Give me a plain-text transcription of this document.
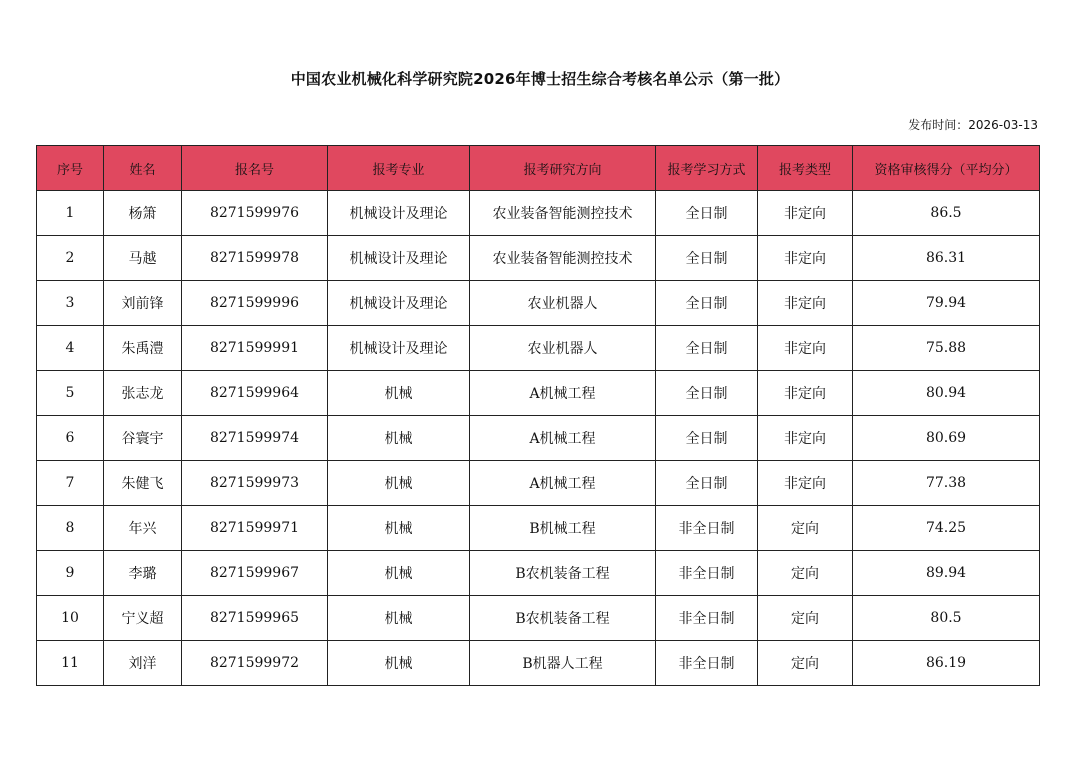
中国农业机械化科学研究院2026年博士招生综合考核名单公示（第一批）
发布时间：2026-03-13
序号	姓名	报名号	报考专业	报考研究方向	报考学习方式	报考类型	资格审核得分（平均分）
1	杨箫	8271599976	机械设计及理论	农业装备智能测控技术	全日制	非定向	86.5
2	马越	8271599978	机械设计及理论	农业装备智能测控技术	全日制	非定向	86.31
3	刘前锋	8271599996	机械设计及理论	农业机器人	全日制	非定向	79.94
4	朱禹澧	8271599991	机械设计及理论	农业机器人	全日制	非定向	75.88
5	张志龙	8271599964	机械	A机械工程	全日制	非定向	80.94
6	谷寰宇	8271599974	机械	A机械工程	全日制	非定向	80.69
7	朱健飞	8271599973	机械	A机械工程	全日制	非定向	77.38
8	年兴	8271599971	机械	B机械工程	非全日制	定向	74.25
9	李璐	8271599967	机械	B农机装备工程	非全日制	定向	89.94
10	宁义超	8271599965	机械	B农机装备工程	非全日制	定向	80.5
11	刘洋	8271599972	机械	B机器人工程	非全日制	定向	86.19
